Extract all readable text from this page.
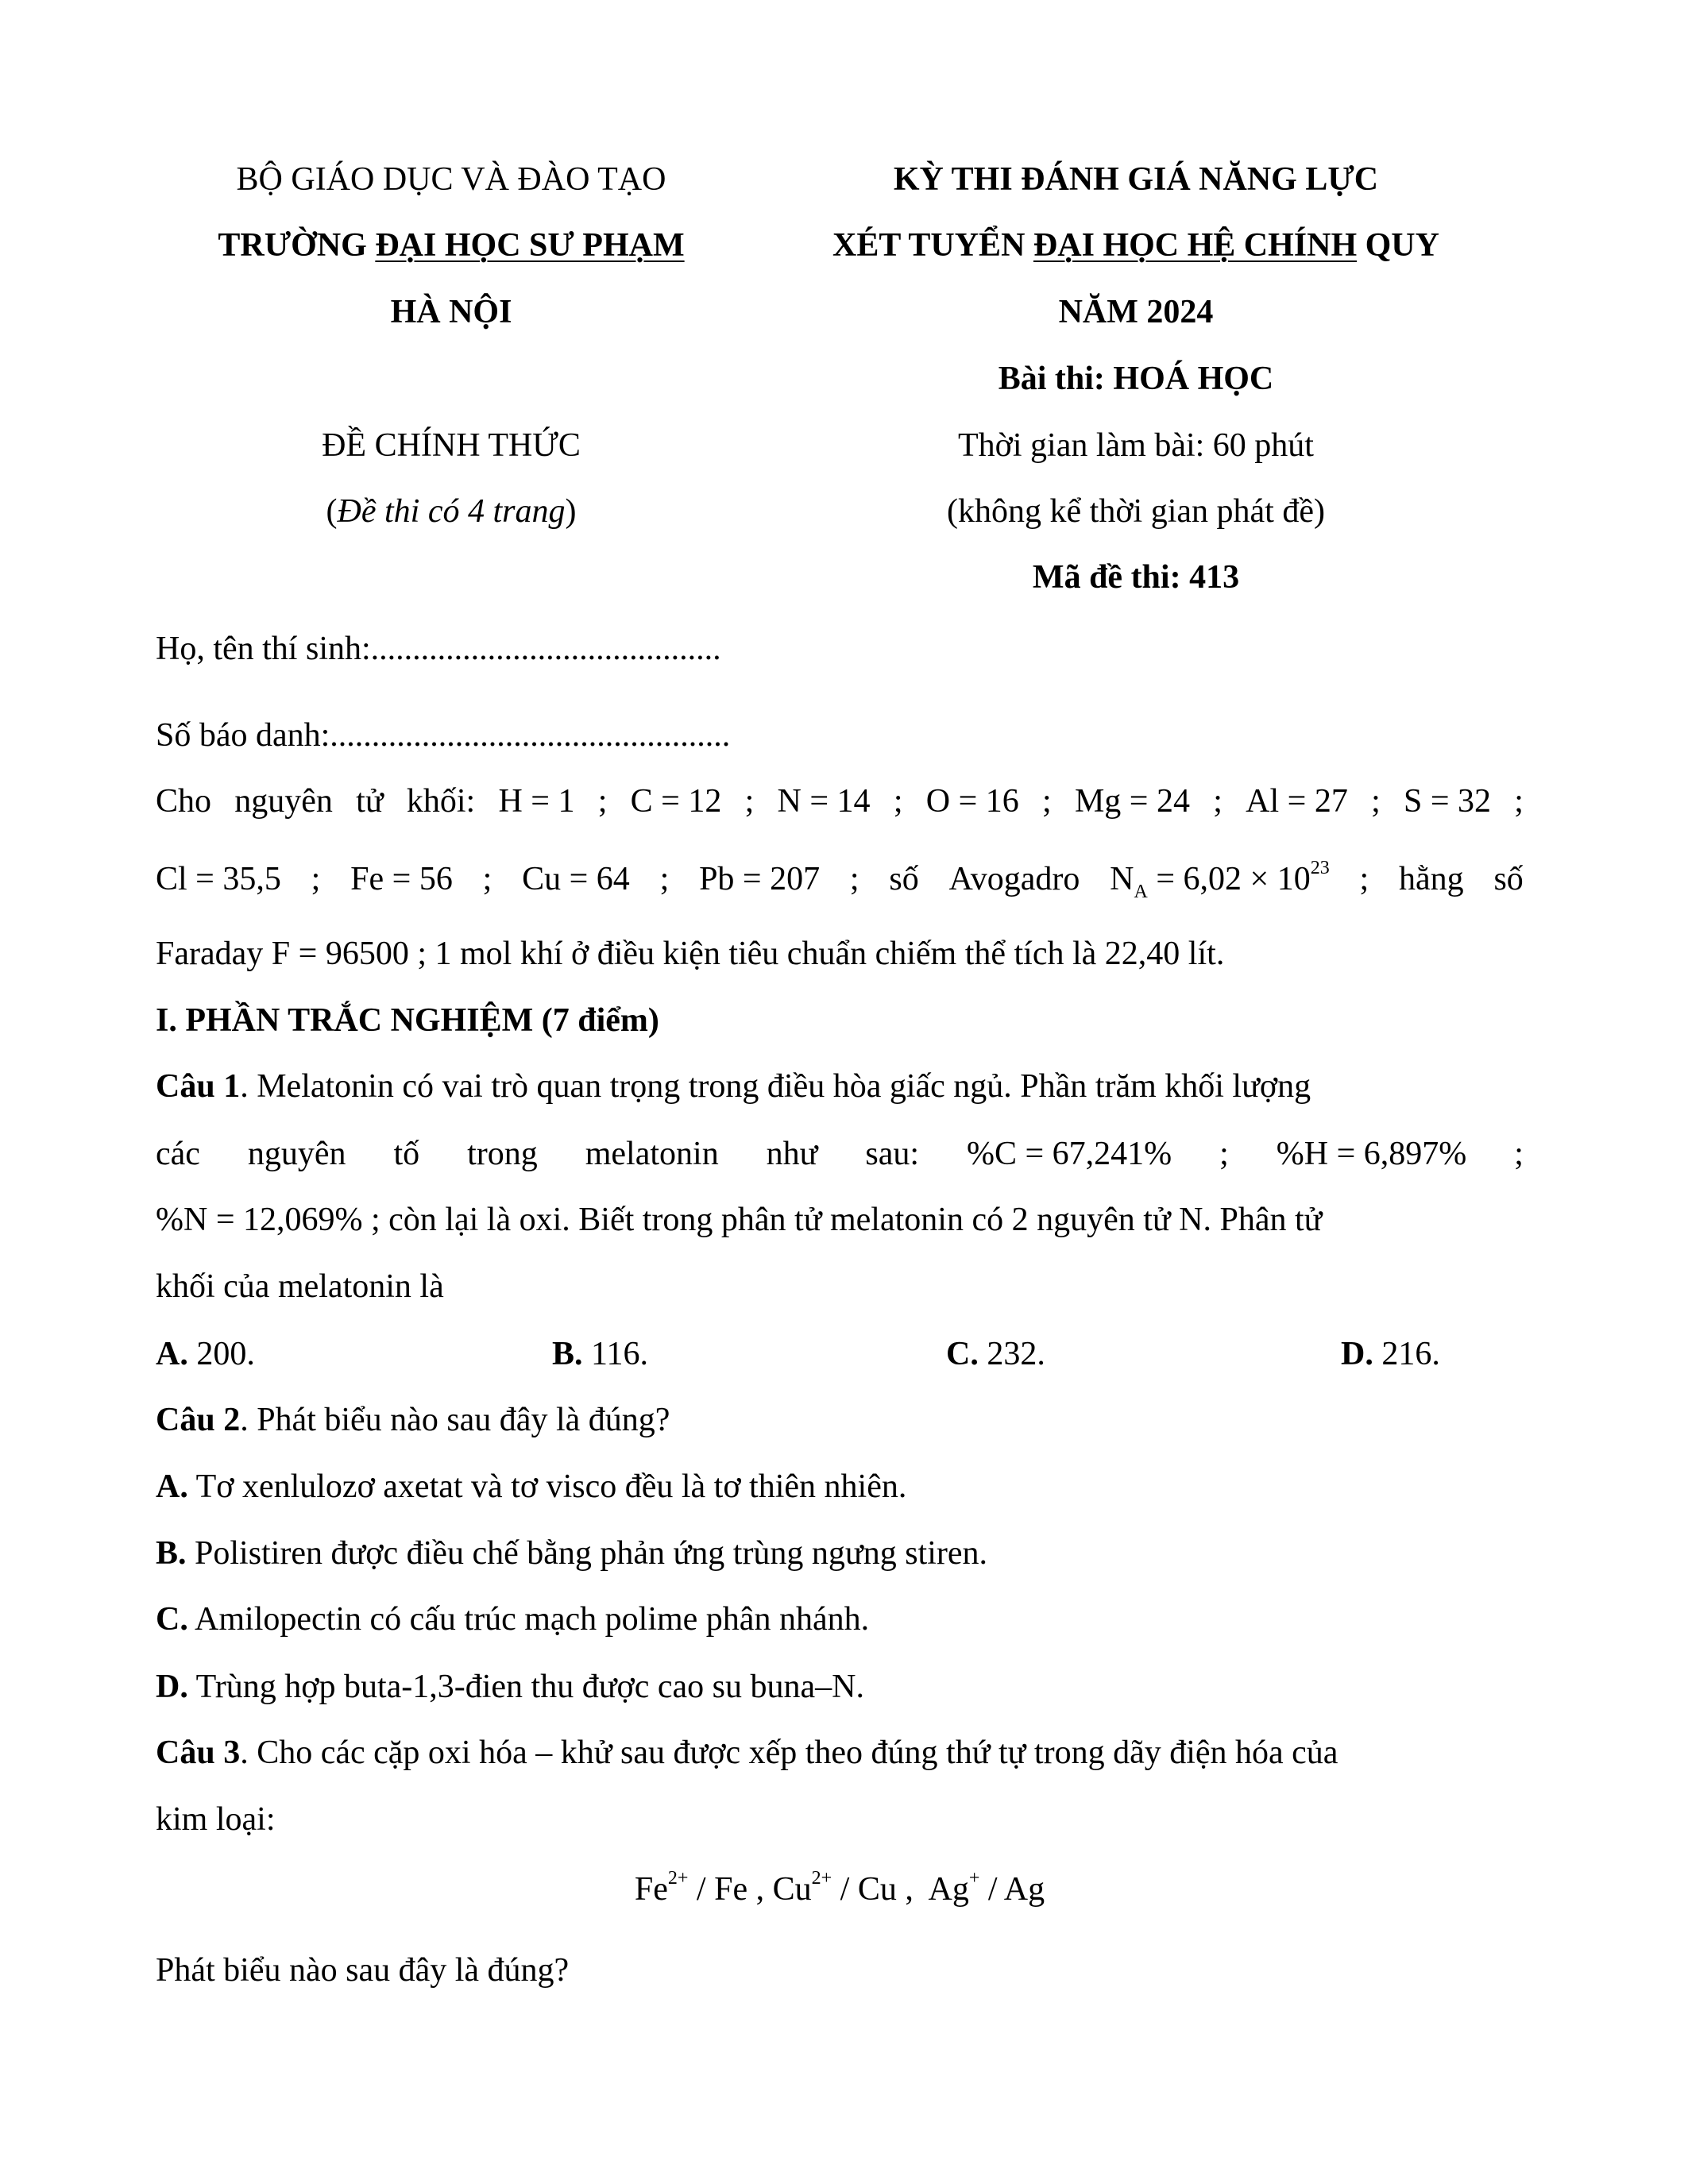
BỘ GIÁO DỤC VÀ ĐÀO TẠO
TRƯỜNG ĐẠI HỌC SƯ PHẠM
HÀ NỘI
ĐỀ CHÍNH THỨC
(Đề thi có 4 trang)
KỲ THI ĐÁNH GIÁ NĂNG LỰC
XÉT TUYỂN ĐẠI HỌC HỆ CHÍNH QUY
NĂM 2024
Bài thi: HOÁ HỌC
Thời gian làm bài: 60 phút
(không kể thời gian phát đề)
Mã đề thi: 413
Họ, tên thí sinh:..........................................
Số báo danh:................................................
Cho nguyên tử khối: H = 1 ; C = 12 ; N = 14 ; O = 16 ; Mg = 24 ; Al = 27 ; S = 32 ;
Cl = 35,5 ; Fe = 56 ; Cu = 64 ; Pb = 207 ; số Avogadro $N_A = 6,02 \times 10^{23}$ ; hằng số
Faraday F = 96500 ; 1 mol khí ở điều kiện tiêu chuẩn chiếm thể tích là 22,40 lít.
I. PHẦN TRẮC NGHIỆM (7 điểm)
Câu 1. Melatonin có vai trò quan trọng trong điều hòa giấc ngủ. Phần trăm khối lượng
các nguyên tố trong melatonin như sau: %C = 67,241% ; %H = 6,897% ;
%N = 12,069% ; còn lại là oxi. Biết trong phân tử melatonin có 2 nguyên tử N. Phân tử
khối của melatonin là
A. 200.	B. 116.	C. 232.	D. 216.
Câu 2. Phát biểu nào sau đây là đúng?
A. Tơ xenlulozơ axetat và tơ visco đều là tơ thiên nhiên.
B. Polistiren được điều chế bằng phản ứng trùng ngưng stiren.
C. Amilopectin có cấu trúc mạch polime phân nhánh.
D. Trùng hợp buta-1,3-đien thu được cao su buna–N.
Câu 3. Cho các cặp oxi hóa – khử sau được xếp theo đúng thứ tự trong dãy điện hóa của
kim loại:
$Fe^{2+}$ / Fe , $Cu^{2+}$ / Cu ,  Ag+ / Ag
Phát biểu nào sau đây là đúng?
